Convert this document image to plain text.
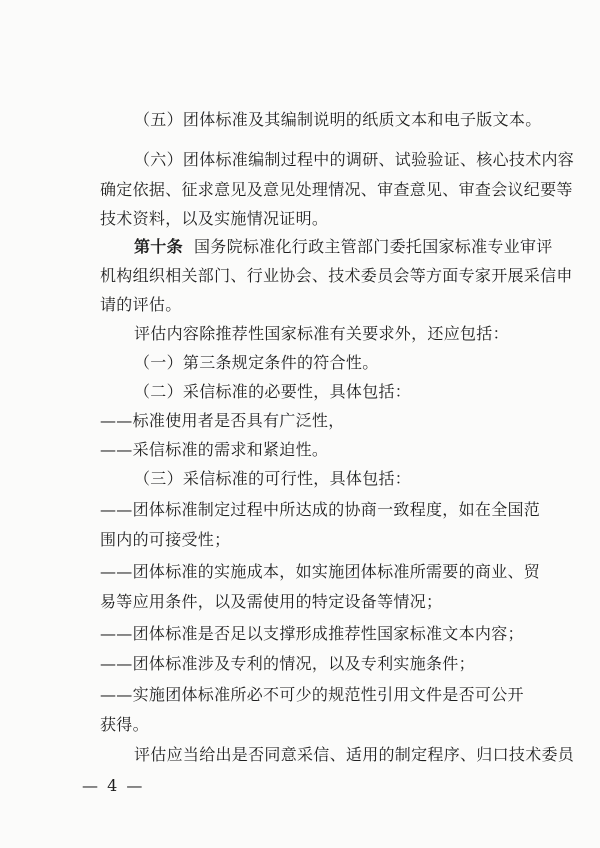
（五）团体标准及其编制说明的纸质文本和电子版文本。
（六）团体标准编制过程中的调研、试验验证、核心技术内容
确定依据、征求意见及意见处理情况、审查意见、审查会议纪要等
技术资料，以及实施情况证明。
第十条 国务院标准化行政主管部门委托国家标准专业审评
机构组织相关部门、行业协会、技术委员会等方面专家开展采信申
请的评估。
评估内容除推荐性国家标准有关要求外，还应包括：
（一）第三条规定条件的符合性。
（二）采信标准的必要性，具体包括：
——标准使用者是否具有广泛性，
——采信标准的需求和紧迫性。
（三）采信标准的可行性，具体包括：
——团体标准制定过程中所达成的协商一致程度，如在全国范
围内的可接受性；
——团体标准的实施成本，如实施团体标准所需要的商业、贸
易等应用条件，以及需使用的特定设备等情况；
——团体标准是否足以支撑形成推荐性国家标准文本内容；
——团体标准涉及专利的情况，以及专利实施条件；
——实施团体标准所必不可少的规范性引用文件是否可公开
获得。
评估应当给出是否同意采信、适用的制定程序、归口技术委员
— 4 —
